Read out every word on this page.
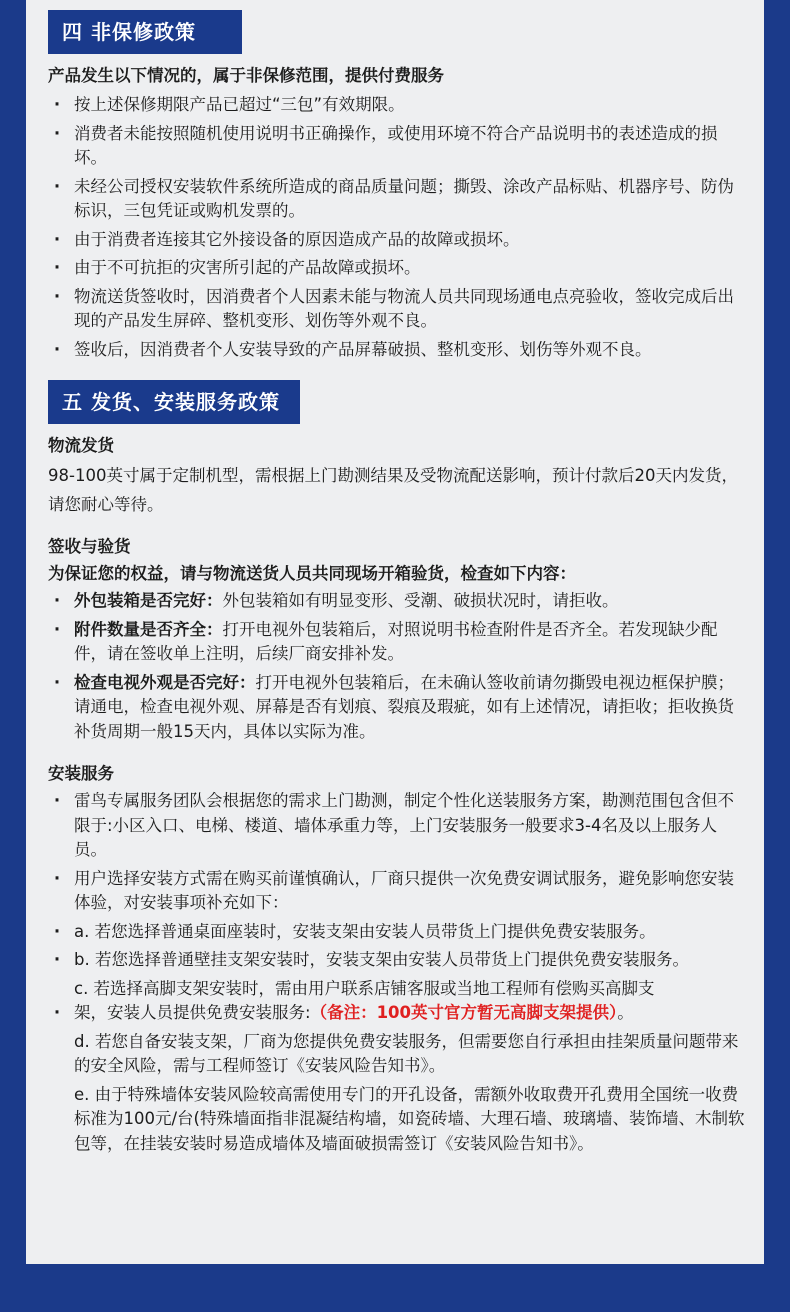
四 非保修政策
产品发生以下情况的，属于非保修范围，提供付费服务
· 按上述保修期限产品已超过“三包”有效期限。
· 消费者未能按照随机使用说明书正确操作，或使用环境不符合产品说明书的表述造成的损坏。
· 未经公司授权安装软件系统所造成的商品质量问题；撕毁、涂改产品标贴、机器序号、防伪标识，三包凭证或购机发票的。
· 由于消费者连接其它外接设备的原因造成产品的故障或损坏。
· 由于不可抗拒的灾害所引起的产品故障或损坏。
· 物流送货签收时，因消费者个人因素未能与物流人员共同现场通电点亮验收，签收完成后出现的产品发生屏碎、整机变形、划伤等外观不良。
· 签收后，因消费者个人安装导致的产品屏幕破损、整机变形、划伤等外观不良。
五 发货、安装服务政策
物流发货
98-100英寸属于定制机型，需根据上门勘测结果及受物流配送影响，预计付款后20天内发货，请您耐心等待。
签收与验货
为保证您的权益，请与物流送货人员共同现场开箱验货，检查如下内容：
· 外包装箱是否完好：外包装箱如有明显变形、受潮、破损状况时，请拒收。
· 附件数量是否齐全：打开电视外包装箱后，对照说明书检查附件是否齐全。若发现缺少配件，请在签收单上注明，后续厂商安排补发。
· 检查电视外观是否完好：打开电视外包装箱后，在未确认签收前请勿撕毁电视边框保护膜；请通电，检查电视外观、屏幕是否有划痕、裂痕及瑕疵，如有上述情况，请拒收；拒收换货补货周期一般15天内，具体以实际为准。
安装服务
· 雷鸟专属服务团队会根据您的需求上门勘测，制定个性化送装服务方案，勘测范围包含但不限于:小区入口、电梯、楼道、墙体承重力等，上门安装服务一般要求3-4名及以上服务人员。
· 用户选择安装方式需在购买前谨慎确认，厂商只提供一次免费安调试服务，避免影响您安装体验，对安装事项补充如下：
· a. 若您选择普通桌面座装时，安装支架由安装人员带货上门提供免费安装服务。
· b. 若您选择普通壁挂支架安装时，安装支架由安装人员带货上门提供免费安装服务。
c. 若选择高脚支架安装时，需由用户联系店铺客服或当地工程师有偿购买高脚支
· 架，安装人员提供免费安装服务:（备注：100英寸官方暂无高脚支架提供）。
d. 若您自备安装支架，厂商为您提供免费安装服务，但需要您自行承担由挂架质量问题带来的安全风险，需与工程师签订《安装风险告知书》。
e. 由于特殊墙体安装风险较高需使用专门的开孔设备，需额外收取费开孔费用全国统一收费标准为100元/台(特殊墙面指非混凝结构墙，如瓷砖墙、大理石墙、玻璃墙、装饰墙、木制软包等，在挂装安装时易造成墙体及墙面破损需签订《安装风险告知书》。
